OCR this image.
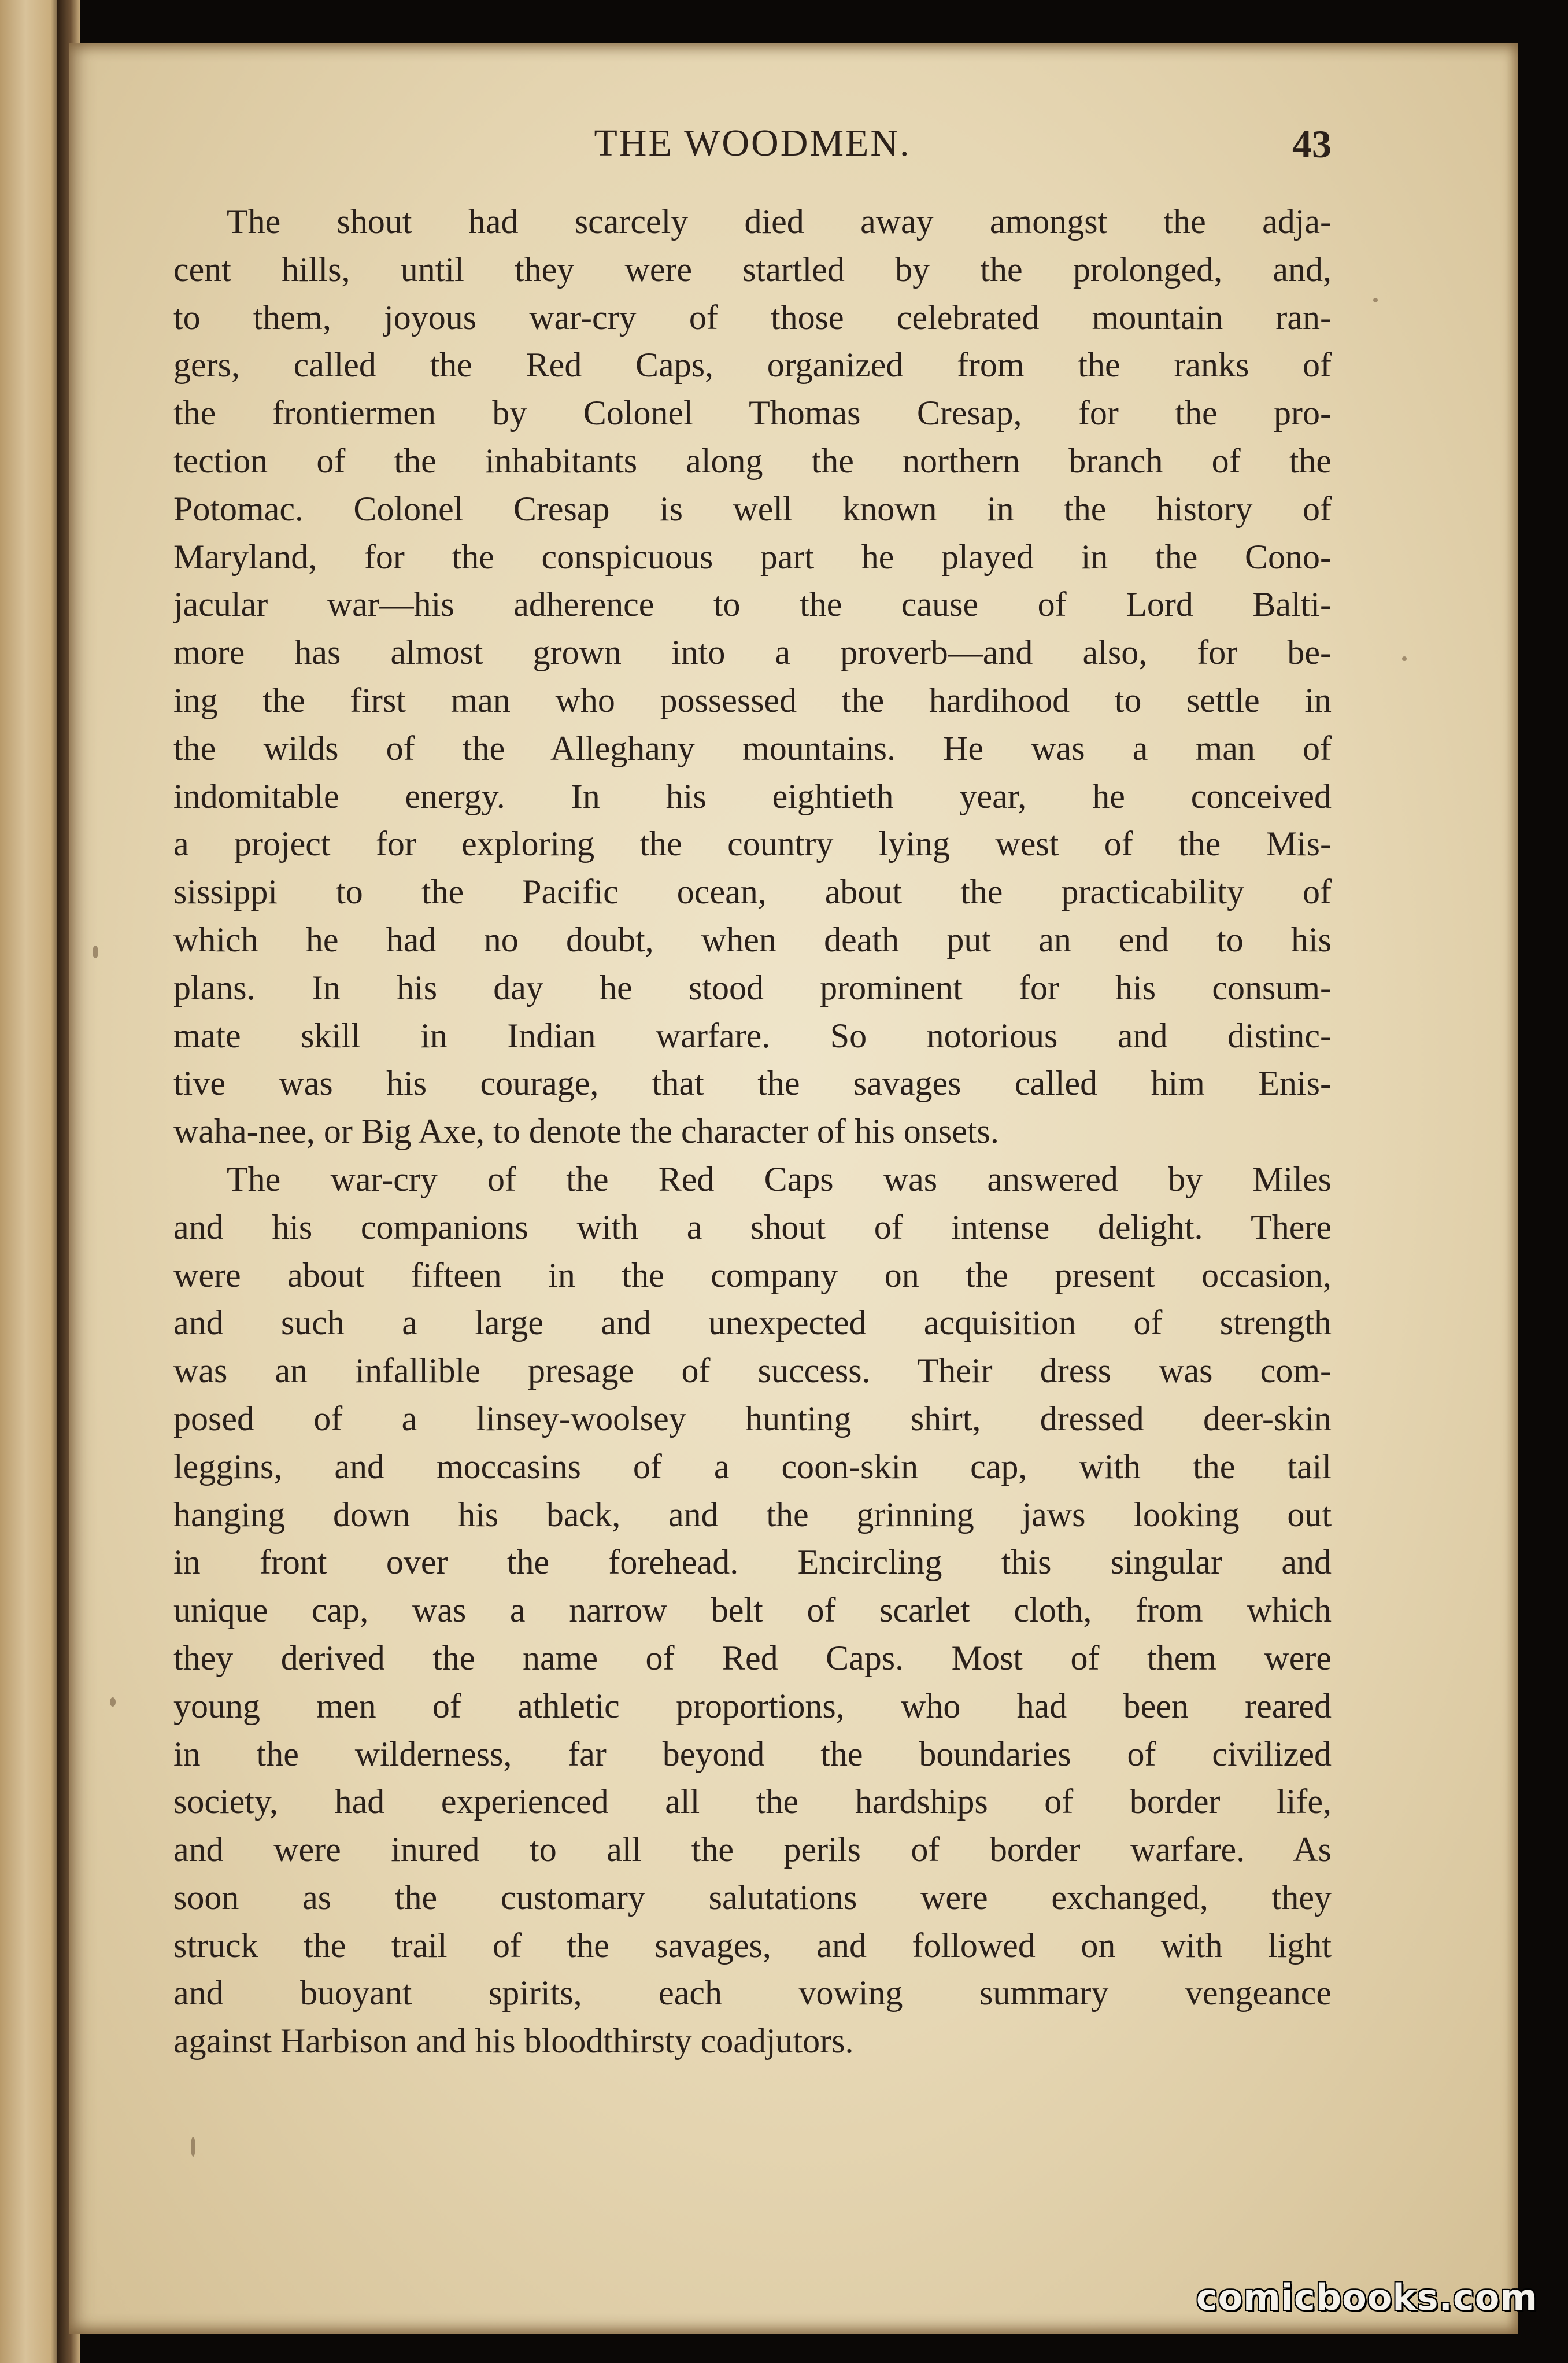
THE WOODMEN.	43
The shout had scarcely died away amongst the adja-
cent hills, until they were startled by the prolonged, and,
to them, joyous war-cry of those celebrated mountain ran-
gers, called the Red Caps, organized from the ranks of
the frontiermen by Colonel Thomas Cresap, for the pro-
tection of the inhabitants along the northern branch of the
Potomac. Colonel Cresap is well known in the history of
Maryland, for the conspicuous part he played in the Cono-
jacular war—his adherence to the cause of Lord Balti-
more has almost grown into a proverb—and also, for be-
ing the first man who possessed the hardihood to settle in
the wilds of the Alleghany mountains. He was a man of
indomitable energy. In his eightieth year, he conceived
a project for exploring the country lying west of the Mis-
sissippi to the Pacific ocean, about the practicability of
which he had no doubt, when death put an end to his
plans. In his day he stood prominent for his consum-
mate skill in Indian warfare. So notorious and distinc-
tive was his courage, that the savages called him Enis-
waha-nee, or Big Axe, to denote the character of his onsets.
The war-cry of the Red Caps was answered by Miles
and his companions with a shout of intense delight. There
were about fifteen in the company on the present occasion,
and such a large and unexpected acquisition of strength
was an infallible presage of success. Their dress was com-
posed of a linsey-woolsey hunting shirt, dressed deer-skin
leggins, and moccasins of a coon-skin cap, with the tail
hanging down his back, and the grinning jaws looking out
in front over the forehead. Encircling this singular and
unique cap, was a narrow belt of scarlet cloth, from which
they derived the name of Red Caps. Most of them were
young men of athletic proportions, who had been reared
in the wilderness, far beyond the boundaries of civilized
society, had experienced all the hardships of border life,
and were inured to all the perils of border warfare. As
soon as the customary salutations were exchanged, they
struck the trail of the savages, and followed on with light
and buoyant spirits, each vowing summary vengeance
against Harbison and his bloodthirsty coadjutors.
comicbooks.com
